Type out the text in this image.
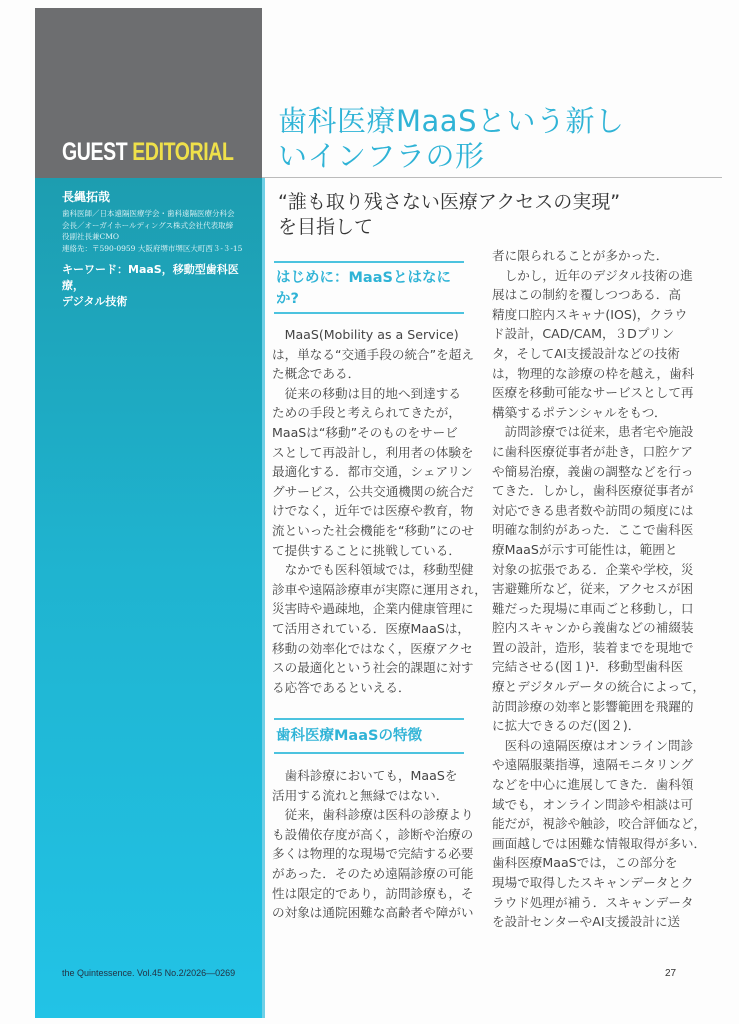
GUEST EDITORIAL
長縄拓哉
歯科医師／日本遠隔医療学会・歯科遠隔医療分科会
会長／オーガイホールディングス株式会社代表取締
役副社長兼CMO
連絡先：〒590‐0959 大阪府堺市堺区大町西３‐３‐15
キーワード：MaaS，移動型歯科医療，
デジタル技術
the Quintessence. Vol.45 No.2/2026―0269	27
歯科医療MaaSという新し
いインフラの形
“誰も取り残さない医療アクセスの実現”
を目指して
はじめに：MaaSとはなに
か?
　MaaS(Mobility as a Service)
は，単なる“交通手段の統合”を超え
た概念である．
　従来の移動は目的地へ到達する
ための手段と考えられてきたが，
MaaSは“移動”そのものをサービ
スとして再設計し，利用者の体験を
最適化する．都市交通，シェアリン
グサービス，公共交通機関の統合だ
けでなく，近年では医療や教育，物
流といった社会機能を“移動”にのせ
て提供することに挑戦している．
　なかでも医科領域では，移動型健
診車や遠隔診療車が実際に運用され，
災害時や過疎地，企業内健康管理に
て活用されている．医療MaaSは，
移動の効率化ではなく，医療アクセ
スの最適化という社会的課題に対す
る応答であるといえる．
歯科医療MaaSの特徴
　歯科診療においても，MaaSを
活用する流れと無縁ではない．
　従来，歯科診療は医科の診療より
も設備依存度が高く，診断や治療の
多くは物理的な現場で完結する必要
があった．そのため遠隔診療の可能
性は限定的であり，訪問診療も，そ
の対象は通院困難な高齢者や障がい
者に限られることが多かった．
　しかし，近年のデジタル技術の進
展はこの制約を覆しつつある．高
精度口腔内スキャナ(IOS)，クラウ
ド設計，CAD/CAM，３Dプリン
タ，そしてAI支援設計などの技術
は，物理的な診療の枠を越え，歯科
医療を移動可能なサービスとして再
構築するポテンシャルをもつ．
　訪問診療では従来，患者宅や施設
に歯科医療従事者が赴き，口腔ケア
や簡易治療，義歯の調整などを行っ
てきた．しかし，歯科医療従事者が
対応できる患者数や訪問の頻度には
明確な制約があった．ここで歯科医
療MaaSが示す可能性は，範囲と
対象の拡張である．企業や学校，災
害避難所など，従来，アクセスが困
難だった現場に車両ごと移動し，口
腔内スキャンから義歯などの補綴装
置の設計，造形，装着までを現地で
完結させる(図１)¹．移動型歯科医
療とデジタルデータの統合によって，
訪問診療の効率と影響範囲を飛躍的
に拡大できるのだ(図２)．
　医科の遠隔医療はオンライン問診
や遠隔服薬指導，遠隔モニタリング
などを中心に進展してきた．歯科領
域でも，オンライン問診や相談は可
能だが，視診や触診，咬合評価など，
画面越しでは困難な情報取得が多い．
歯科医療MaaSでは，この部分を
現場で取得したスキャンデータとク
ラウド処理が補う．スキャンデータ
を設計センターやAI支援設計に送
